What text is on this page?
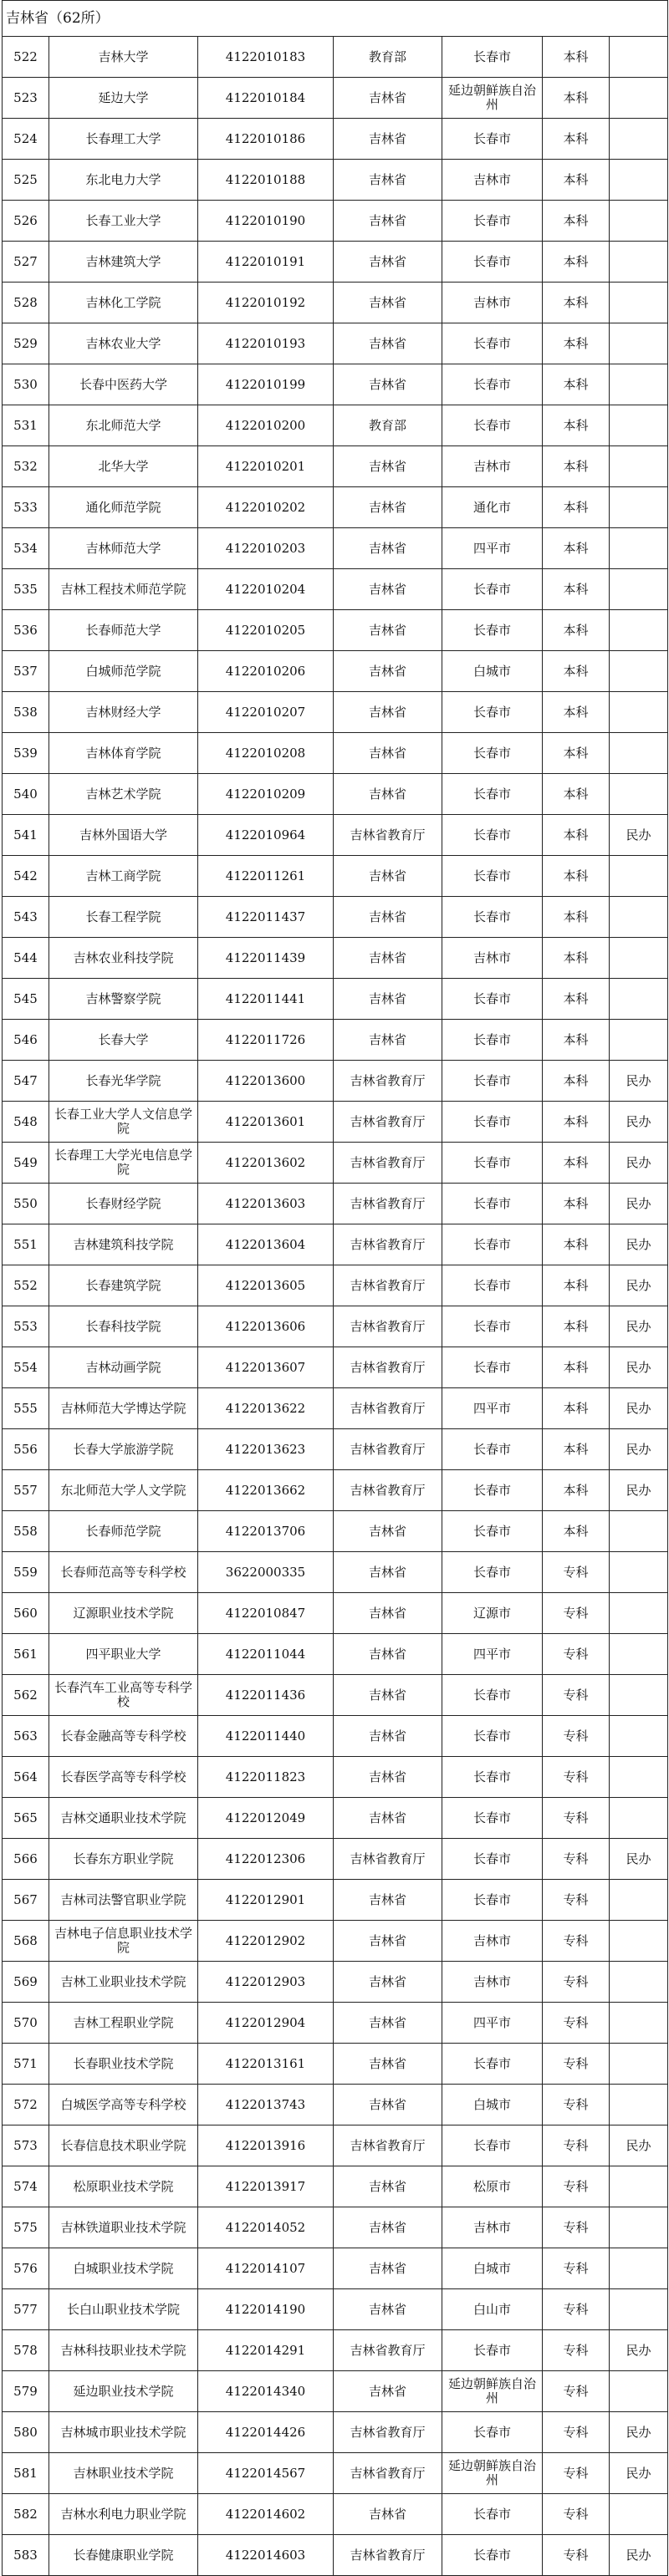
吉林省（62所）						
522	吉林大学	4122010183	教育部	长春市	本科	
523	延边大学	4122010184	吉林省	延边朝鲜族自治州	本科	
524	长春理工大学	4122010186	吉林省	长春市	本科	
525	东北电力大学	4122010188	吉林省	吉林市	本科	
526	长春工业大学	4122010190	吉林省	长春市	本科	
527	吉林建筑大学	4122010191	吉林省	长春市	本科	
528	吉林化工学院	4122010192	吉林省	吉林市	本科	
529	吉林农业大学	4122010193	吉林省	长春市	本科	
530	长春中医药大学	4122010199	吉林省	长春市	本科	
531	东北师范大学	4122010200	教育部	长春市	本科	
532	北华大学	4122010201	吉林省	吉林市	本科	
533	通化师范学院	4122010202	吉林省	通化市	本科	
534	吉林师范大学	4122010203	吉林省	四平市	本科	
535	吉林工程技术师范学院	4122010204	吉林省	长春市	本科	
536	长春师范大学	4122010205	吉林省	长春市	本科	
537	白城师范学院	4122010206	吉林省	白城市	本科	
538	吉林财经大学	4122010207	吉林省	长春市	本科	
539	吉林体育学院	4122010208	吉林省	长春市	本科	
540	吉林艺术学院	4122010209	吉林省	长春市	本科	
541	吉林外国语大学	4122010964	吉林省教育厅	长春市	本科	民办
542	吉林工商学院	4122011261	吉林省	长春市	本科	
543	长春工程学院	4122011437	吉林省	长春市	本科	
544	吉林农业科技学院	4122011439	吉林省	吉林市	本科	
545	吉林警察学院	4122011441	吉林省	长春市	本科	
546	长春大学	4122011726	吉林省	长春市	本科	
547	长春光华学院	4122013600	吉林省教育厅	长春市	本科	民办
548	长春工业大学人文信息学院	4122013601	吉林省教育厅	长春市	本科	民办
549	长春理工大学光电信息学院	4122013602	吉林省教育厅	长春市	本科	民办
550	长春财经学院	4122013603	吉林省教育厅	长春市	本科	民办
551	吉林建筑科技学院	4122013604	吉林省教育厅	长春市	本科	民办
552	长春建筑学院	4122013605	吉林省教育厅	长春市	本科	民办
553	长春科技学院	4122013606	吉林省教育厅	长春市	本科	民办
554	吉林动画学院	4122013607	吉林省教育厅	长春市	本科	民办
555	吉林师范大学博达学院	4122013622	吉林省教育厅	四平市	本科	民办
556	长春大学旅游学院	4122013623	吉林省教育厅	长春市	本科	民办
557	东北师范大学人文学院	4122013662	吉林省教育厅	长春市	本科	民办
558	长春师范学院	4122013706	吉林省	长春市	本科	
559	长春师范高等专科学校	3622000335	吉林省	长春市	专科	
560	辽源职业技术学院	4122010847	吉林省	辽源市	专科	
561	四平职业大学	4122011044	吉林省	四平市	专科	
562	长春汽车工业高等专科学校	4122011436	吉林省	长春市	专科	
563	长春金融高等专科学校	4122011440	吉林省	长春市	专科	
564	长春医学高等专科学校	4122011823	吉林省	长春市	专科	
565	吉林交通职业技术学院	4122012049	吉林省	长春市	专科	
566	长春东方职业学院	4122012306	吉林省教育厅	长春市	专科	民办
567	吉林司法警官职业学院	4122012901	吉林省	长春市	专科	
568	吉林电子信息职业技术学院	4122012902	吉林省	吉林市	专科	
569	吉林工业职业技术学院	4122012903	吉林省	吉林市	专科	
570	吉林工程职业学院	4122012904	吉林省	四平市	专科	
571	长春职业技术学院	4122013161	吉林省	长春市	专科	
572	白城医学高等专科学校	4122013743	吉林省	白城市	专科	
573	长春信息技术职业学院	4122013916	吉林省教育厅	长春市	专科	民办
574	松原职业技术学院	4122013917	吉林省	松原市	专科	
575	吉林铁道职业技术学院	4122014052	吉林省	吉林市	专科	
576	白城职业技术学院	4122014107	吉林省	白城市	专科	
577	长白山职业技术学院	4122014190	吉林省	白山市	专科	
578	吉林科技职业技术学院	4122014291	吉林省教育厅	长春市	专科	民办
579	延边职业技术学院	4122014340	吉林省	延边朝鲜族自治州	专科	
580	吉林城市职业技术学院	4122014426	吉林省教育厅	长春市	专科	民办
581	吉林职业技术学院	4122014567	吉林省教育厅	延边朝鲜族自治州	专科	民办
582	吉林水利电力职业学院	4122014602	吉林省	长春市	专科	
583	长春健康职业学院	4122014603	吉林省教育厅	长春市	专科	民办
